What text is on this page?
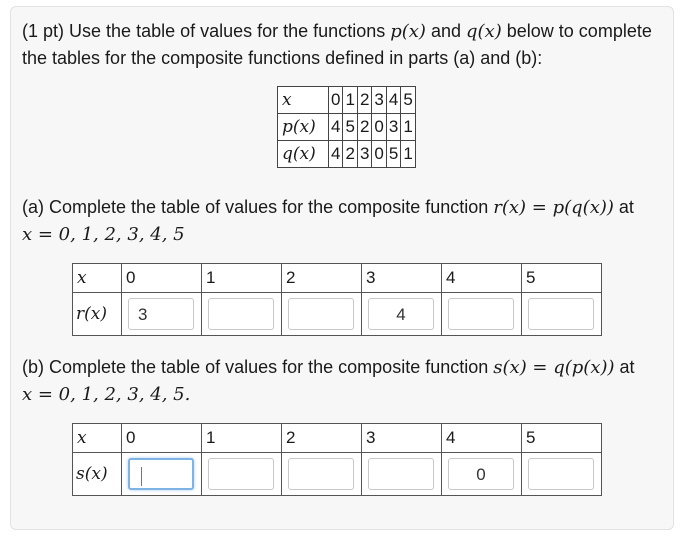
(1 pt) Use the table of values for the functions p(x) and q(x) below to complete the tables for the composite functions defined in parts (a) and (b):
x	0	1	2	3	4	5
p(x)	4	5	2	0	3	1
q(x)	4	2	3	0	5	1
(a) Complete the table of values for the composite function r(x) = p(q(x)) at
x = 0, 1, 2, 3, 4, 5
x	0	1	2	3	4	5
r(x)	3			4		

(b) Complete the table of values for the composite function s(x) = q(p(x)) at
x = 0, 1, 2, 3, 4, 5.
x	0	1	2	3	4	5
s(x)					0	
